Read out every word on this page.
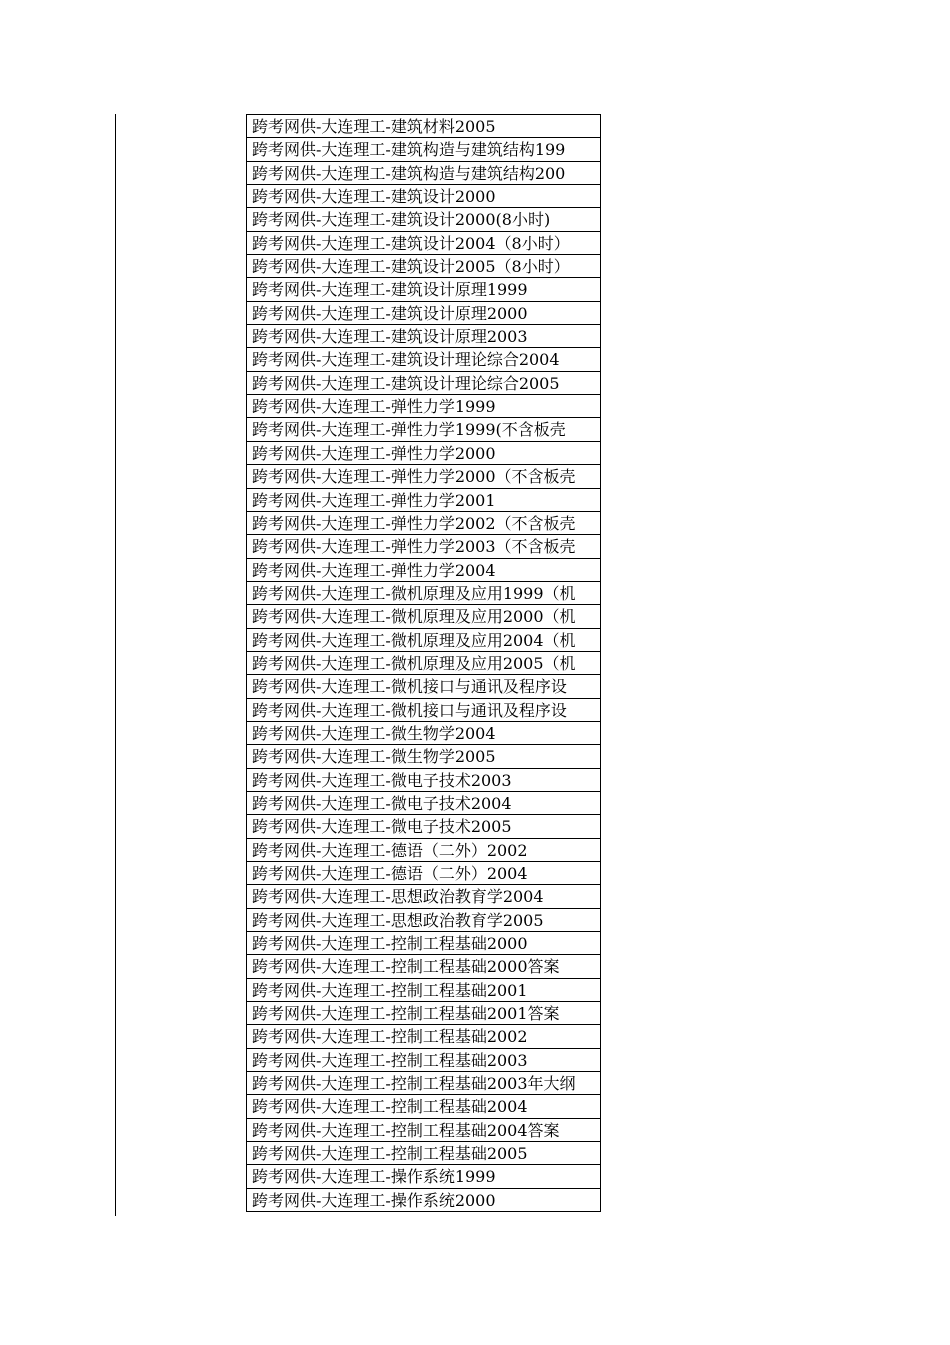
跨考网供-大连理工-建筑材料2005
跨考网供-大连理工-建筑构造与建筑结构199
跨考网供-大连理工-建筑构造与建筑结构200
跨考网供-大连理工-建筑设计2000
跨考网供-大连理工-建筑设计2000(8小时)
跨考网供-大连理工-建筑设计2004（8小时）
跨考网供-大连理工-建筑设计2005（8小时）
跨考网供-大连理工-建筑设计原理1999
跨考网供-大连理工-建筑设计原理2000
跨考网供-大连理工-建筑设计原理2003
跨考网供-大连理工-建筑设计理论综合2004
跨考网供-大连理工-建筑设计理论综合2005
跨考网供-大连理工-弹性力学1999
跨考网供-大连理工-弹性力学1999(不含板壳
跨考网供-大连理工-弹性力学2000
跨考网供-大连理工-弹性力学2000（不含板壳
跨考网供-大连理工-弹性力学2001
跨考网供-大连理工-弹性力学2002（不含板壳
跨考网供-大连理工-弹性力学2003（不含板壳
跨考网供-大连理工-弹性力学2004
跨考网供-大连理工-微机原理及应用1999（机
跨考网供-大连理工-微机原理及应用2000（机
跨考网供-大连理工-微机原理及应用2004（机
跨考网供-大连理工-微机原理及应用2005（机
跨考网供-大连理工-微机接口与通讯及程序设
跨考网供-大连理工-微机接口与通讯及程序设
跨考网供-大连理工-微生物学2004
跨考网供-大连理工-微生物学2005
跨考网供-大连理工-微电子技术2003
跨考网供-大连理工-微电子技术2004
跨考网供-大连理工-微电子技术2005
跨考网供-大连理工-德语（二外）2002
跨考网供-大连理工-德语（二外）2004
跨考网供-大连理工-思想政治教育学2004
跨考网供-大连理工-思想政治教育学2005
跨考网供-大连理工-控制工程基础2000
跨考网供-大连理工-控制工程基础2000答案
跨考网供-大连理工-控制工程基础2001
跨考网供-大连理工-控制工程基础2001答案
跨考网供-大连理工-控制工程基础2002
跨考网供-大连理工-控制工程基础2003
跨考网供-大连理工-控制工程基础2003年大纲
跨考网供-大连理工-控制工程基础2004
跨考网供-大连理工-控制工程基础2004答案
跨考网供-大连理工-控制工程基础2005
跨考网供-大连理工-操作系统1999
跨考网供-大连理工-操作系统2000
